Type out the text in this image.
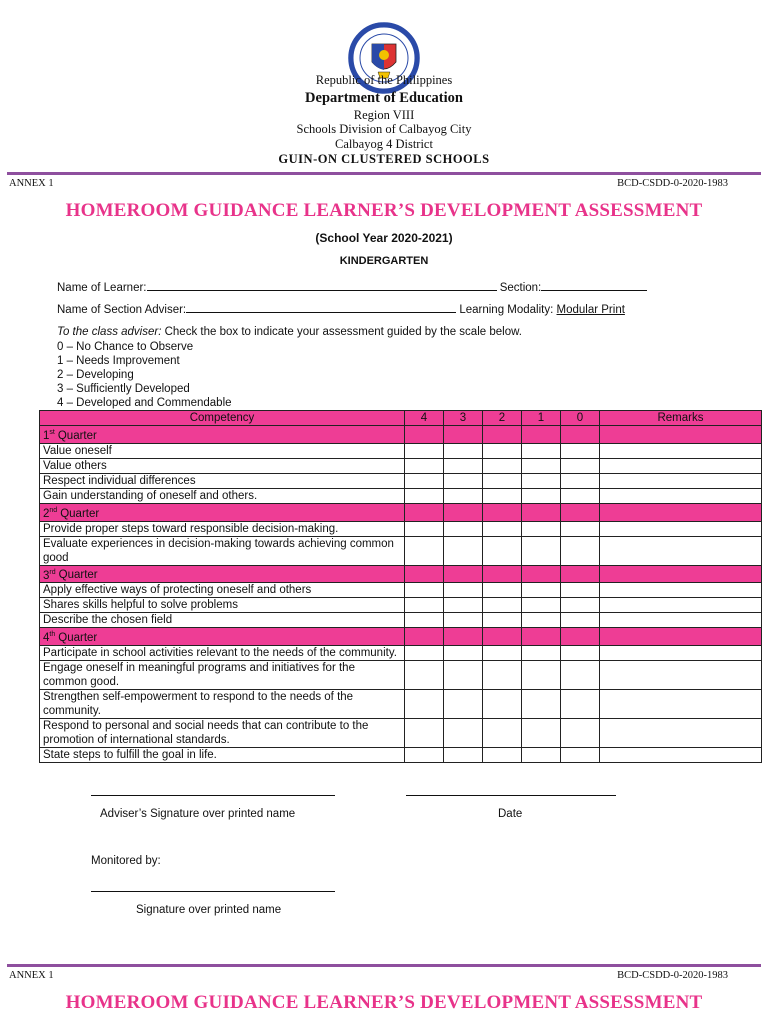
Republic of the Philippines
Department of Education
Region VIII
Schools Division of Calbayog City
Calbayog 4 District
GUIN-ON CLUSTERED SCHOOLS
ANNEX 1	BCD-CSDD-0-2020-1983
HOMEROOM GUIDANCE LEARNER’S DEVELOPMENT ASSESSMENT
(School Year 2020-2021)
KINDERGARTEN
Name of Learner:	Section:
Name of Section Adviser:	Learning Modality: Modular Print
To the class adviser: Check the box to indicate your assessment guided by the scale below.
0 – No Chance to Observe
1 – Needs Improvement
2 – Developing
3 – Sufficiently Developed
4 – Developed and Commendable
Competency	4	3	2	1	0	Remarks
1st Quarter						
Value oneself						
Value others						
Respect individual differences						
Gain understanding of oneself and others.						
2nd Quarter						
Provide proper steps toward responsible decision-making.						
Evaluate experiences in decision-making towards achieving common good						
3rd Quarter						
Apply effective ways of protecting oneself and others						
Shares skills helpful to solve problems						
Describe the chosen field						
4th Quarter						
Participate in school activities relevant to the needs of the community.						
Engage oneself in meaningful programs and initiatives for the common good.						
Strengthen self-empowerment to respond to the needs of the community.						
Respond to personal and social needs that can contribute to the promotion of international standards.						
State steps to fulfill the goal in life.						
Adviser’s Signature over printed name	Date
Monitored by:
Signature over printed name
ANNEX 1	BCD-CSDD-0-2020-1983
HOMEROOM GUIDANCE LEARNER’S DEVELOPMENT ASSESSMENT
